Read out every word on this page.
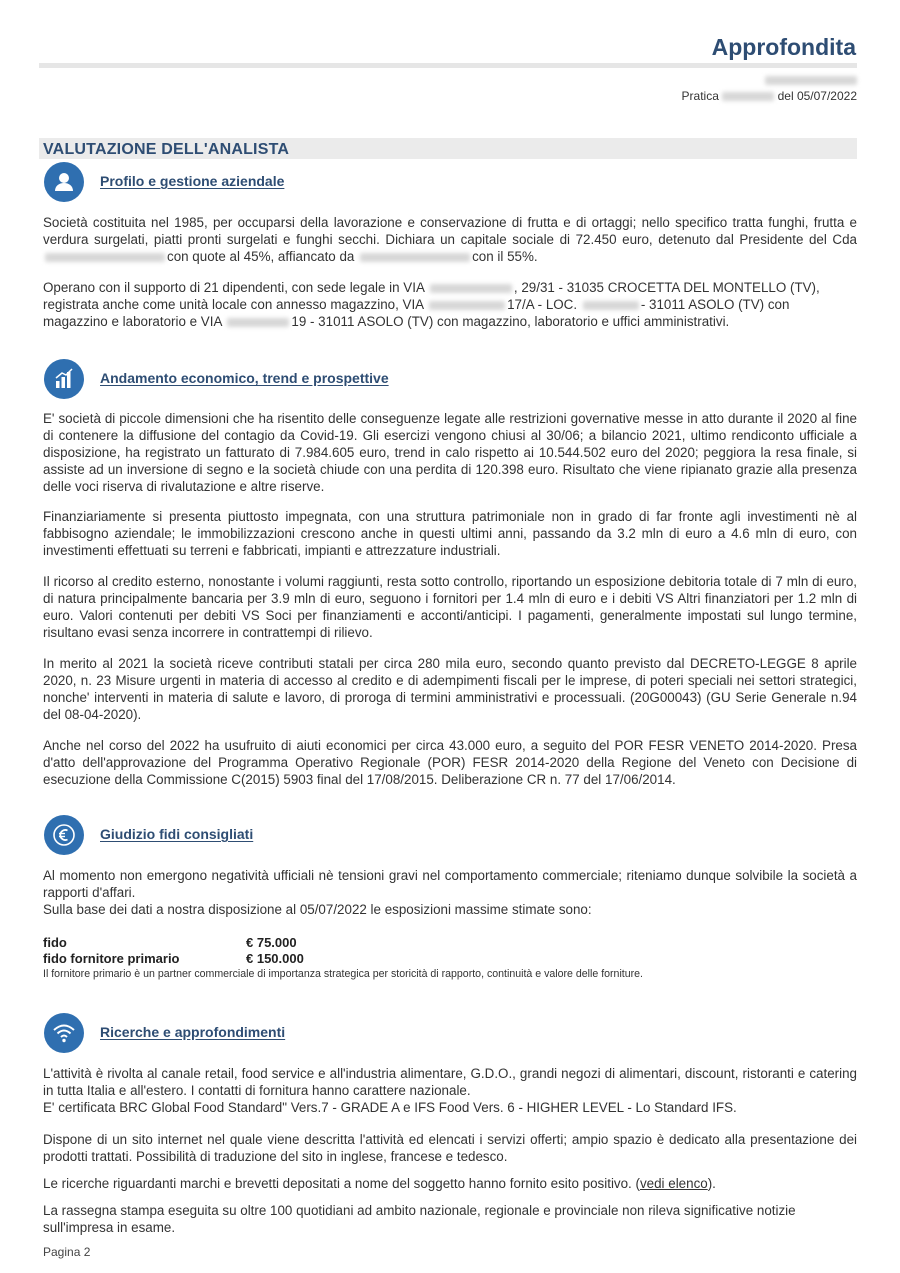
Approfondita
Pratica	del 05/07/2022
VALUTAZIONE DELL'ANALISTA
Profilo e gestione aziendale
Società costituita nel 1985, per occuparsi della lavorazione e conservazione di frutta e di ortaggi; nello specifico tratta funghi, frutta e verdura surgelati, piatti pronti surgelati e funghi secchi. Dichiara un capitale sociale di 72.450 euro, detenuto dal Presidente del Cda con quote al 45%, affiancato da	con il 55%.
Operano con il supporto di 21 dipendenti, con sede legale in VIA	, 29/31 - 31035 CROCETTA DEL MONTELLO (TV), registrata anche come unità locale con annesso magazzino, VIA	17/A - LOC.	- 31011 ASOLO (TV) con magazzino e laboratorio e VIA	19 - 31011 ASOLO (TV) con magazzino, laboratorio e uffici amministrativi.
Andamento economico, trend e prospettive
E' società di piccole dimensioni che ha risentito delle conseguenze legate alle restrizioni governative messe in atto durante il 2020 al fine di contenere la diffusione del contagio da Covid-19. Gli esercizi vengono chiusi al 30/06; a bilancio 2021, ultimo rendiconto ufficiale a disposizione, ha registrato un fatturato di 7.984.605 euro, trend in calo rispetto ai 10.544.502 euro del 2020; peggiora la resa finale, si assiste ad un inversione di segno e la società chiude con una perdita di 120.398 euro. Risultato che viene ripianato grazie alla presenza delle voci riserva di rivalutazione e altre riserve.
Finanziariamente si presenta piuttosto impegnata, con una struttura patrimoniale non in grado di far fronte agli investimenti nè al fabbisogno aziendale; le immobilizzazioni crescono anche in questi ultimi anni, passando da 3.2 mln di euro a 4.6 mln di euro, con investimenti effettuati su terreni e fabbricati, impianti e attrezzature industriali.
Il ricorso al credito esterno, nonostante i volumi raggiunti, resta sotto controllo, riportando un esposizione debitoria totale di 7 mln di euro, di natura principalmente bancaria per 3.9 mln di euro, seguono i fornitori per 1.4 mln di euro e i debiti VS Altri finanziatori per 1.2 mln di euro. Valori contenuti per debiti VS Soci per finanziamenti e acconti/anticipi. I pagamenti, generalmente impostati sul lungo termine, risultano evasi senza incorrere in contrattempi di rilievo.
In merito al 2021 la società riceve contributi statali per circa 280 mila euro, secondo quanto previsto dal DECRETO-LEGGE 8 aprile 2020, n. 23 Misure urgenti in materia di accesso al credito e di adempimenti fiscali per le imprese, di poteri speciali nei settori strategici, nonche' interventi in materia di salute e lavoro, di proroga di termini amministrativi e processuali. (20G00043) (GU Serie Generale n.94 del 08-04-2020).
Anche nel corso del 2022 ha usufruito di aiuti economici per circa 43.000 euro, a seguito del POR FESR VENETO 2014-2020. Presa d'atto dell'approvazione del Programma Operativo Regionale (POR) FESR 2014-2020 della Regione del Veneto con Decisione di esecuzione della Commissione C(2015) 5903 final del 17/08/2015. Deliberazione CR n. 77 del 17/06/2014.
Giudizio fidi consigliati
Al momento non emergono negatività ufficiali nè tensioni gravi nel comportamento commerciale; riteniamo dunque solvibile la società a rapporti d'affari.
Sulla base dei dati a nostra disposizione al 05/07/2022 le esposizioni massime stimate sono:
fido	€ 75.000
fido fornitore primario	€ 150.000
Il fornitore primario è un partner commerciale di importanza strategica per storicità di rapporto, continuità e valore delle forniture.
Ricerche e approfondimenti
L'attività è rivolta al canale retail, food service e all'industria alimentare, G.D.O., grandi negozi di alimentari, discount, ristoranti e catering in tutta Italia e all'estero. I contatti di fornitura hanno carattere nazionale.
E' certificata BRC Global Food Standard" Vers.7 - GRADE A e IFS Food Vers. 6 - HIGHER LEVEL - Lo Standard IFS.
Dispone di un sito internet nel quale viene descritta l'attività ed elencati i servizi offerti; ampio spazio è dedicato alla presentazione dei prodotti trattati. Possibilità di traduzione del sito in inglese, francese e tedesco.
Le ricerche riguardanti marchi e brevetti depositati a nome del soggetto hanno fornito esito positivo. (vedi elenco).
La rassegna stampa eseguita su oltre 100 quotidiani ad ambito nazionale, regionale e provinciale non rileva significative notizie sull'impresa in esame.
Pagina 2
